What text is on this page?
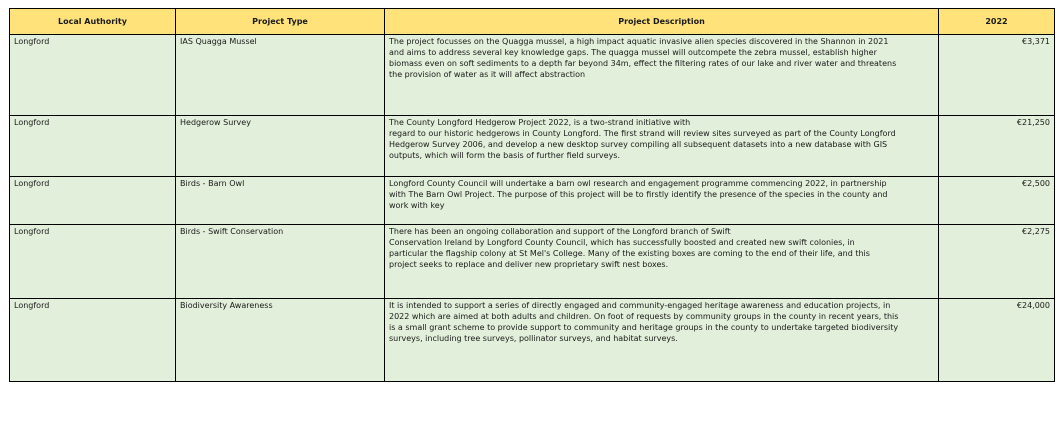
Local Authority	Project Type	Project Description	2022
Longford	IAS Quagga Mussel	The project focusses on the Quagga mussel, a high impact aquatic invasive alien species discovered in the Shannon in 2021
and aims to address several key knowledge gaps. The quagga mussel will outcompete the zebra mussel, establish higher
biomass even on soft sediments to a depth far beyond 34m, effect the filtering rates of our lake and river water and threatens
the provision of water as it will affect abstraction	€3,371
Longford	Hedgerow Survey	The County Longford Hedgerow Project 2022, is a two-strand initiative with
regard to our historic hedgerows in County Longford. The first strand will review sites surveyed as part of the County Longford
Hedgerow Survey 2006, and develop a new desktop survey compiling all subsequent datasets into a new database with GIS
outputs, which will form the basis of further field surveys.	€21,250
Longford	Birds - Barn Owl	Longford County Council will undertake a barn owl research and engagement programme commencing 2022, in partnership
with The Barn Owl Project. The purpose of this project will be to firstly identify the presence of the species in the county and
work with key	€2,500
Longford	Birds - Swift Conservation	There has been an ongoing collaboration and support of the Longford branch of Swift
Conservation Ireland by Longford County Council, which has successfully boosted and created new swift colonies, in
particular the flagship colony at St Mel's College. Many of the existing boxes are coming to the end of their life, and this
project seeks to replace and deliver new proprietary swift nest boxes.	€2,275
Longford	Biodiversity Awareness	It is intended to support a series of directly engaged and community-engaged heritage awareness and education projects, in
2022 which are aimed at both adults and children. On foot of requests by community groups in the county in recent years, this
is a small grant scheme to provide support to community and heritage groups in the county to undertake targeted biodiversity
surveys, including tree surveys, pollinator surveys, and habitat surveys.	€24,000
